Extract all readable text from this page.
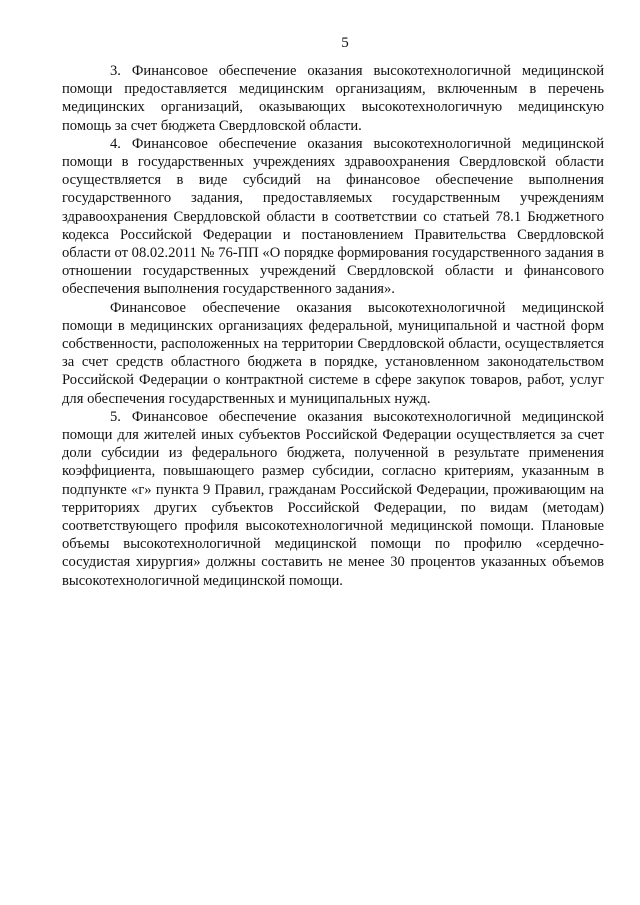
5

3. Финансовое обеспечение оказания высокотехнологичной медицинской помощи предоставляется медицинским организациям, включенным в перечень медицинских организаций, оказывающих высокотехнологичную медицинскую помощь за счет бюджета Свердловской области.

4. Финансовое обеспечение оказания высокотехнологичной медицинской помощи в государственных учреждениях здравоохранения Свердловской области осуществляется в виде субсидий на финансовое обеспечение выполнения государственного задания, предоставляемых государственным учреждениям здравоохранения Свердловской области в соответствии со статьей 78.1 Бюджетного кодекса Российской Федерации и постановлением Правительства Свердловской области от 08.02.2011 № 76-ПП «О порядке формирования государственного задания в отношении государственных учреждений Свердловской области и финансового обеспечения выполнения государственного задания».

Финансовое обеспечение оказания высокотехнологичной медицинской помощи в медицинских организациях федеральной, муниципальной и частной форм собственности, расположенных на территории Свердловской области, осуществляется за счет средств областного бюджета в порядке, установленном законодательством Российской Федерации о контрактной системе в сфере закупок товаров, работ, услуг для обеспечения государственных и муниципальных нужд.

5. Финансовое обеспечение оказания высокотехнологичной медицинской помощи для жителей иных субъектов Российской Федерации осуществляется за счет доли субсидии из федерального бюджета, полученной в результате применения коэффициента, повышающего размер субсидии, согласно критериям, указанным в подпункте «г» пункта 9 Правил, гражданам Российской Федерации, проживающим на территориях других субъектов Российской Федерации, по видам (методам) соответствующего профиля высокотехнологичной медицинской помощи. Плановые объемы высокотехнологичной медицинской помощи по профилю «сердечно-сосудистая хирургия» должны составить не менее 30 процентов указанных объемов высокотехнологичной медицинской помощи.
